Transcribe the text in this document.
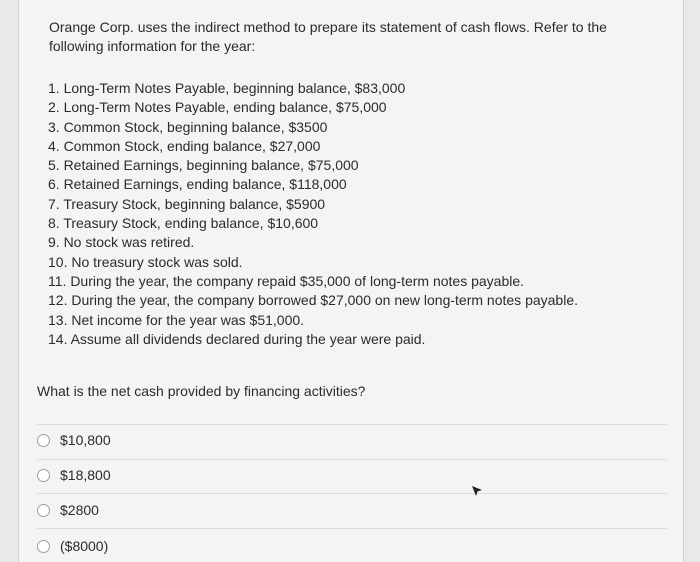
Orange Corp. uses the indirect method to prepare its statement of cash flows. Refer to the following information for the year:
1. Long-Term Notes Payable, beginning balance, $83,000
2. Long-Term Notes Payable, ending balance, $75,000
3. Common Stock, beginning balance, $3500
4. Common Stock, ending balance, $27,000
5. Retained Earnings, beginning balance, $75,000
6. Retained Earnings, ending balance, $118,000
7. Treasury Stock, beginning balance, $5900
8. Treasury Stock, ending balance, $10,600
9. No stock was retired.
10. No treasury stock was sold.
11. During the year, the company repaid $35,000 of long-term notes payable.
12. During the year, the company borrowed $27,000 on new long-term notes payable.
13. Net income for the year was $51,000.
14. Assume all dividends declared during the year were paid.
What is the net cash provided by financing activities?
$10,800
$18,800
$2800
($8000)
